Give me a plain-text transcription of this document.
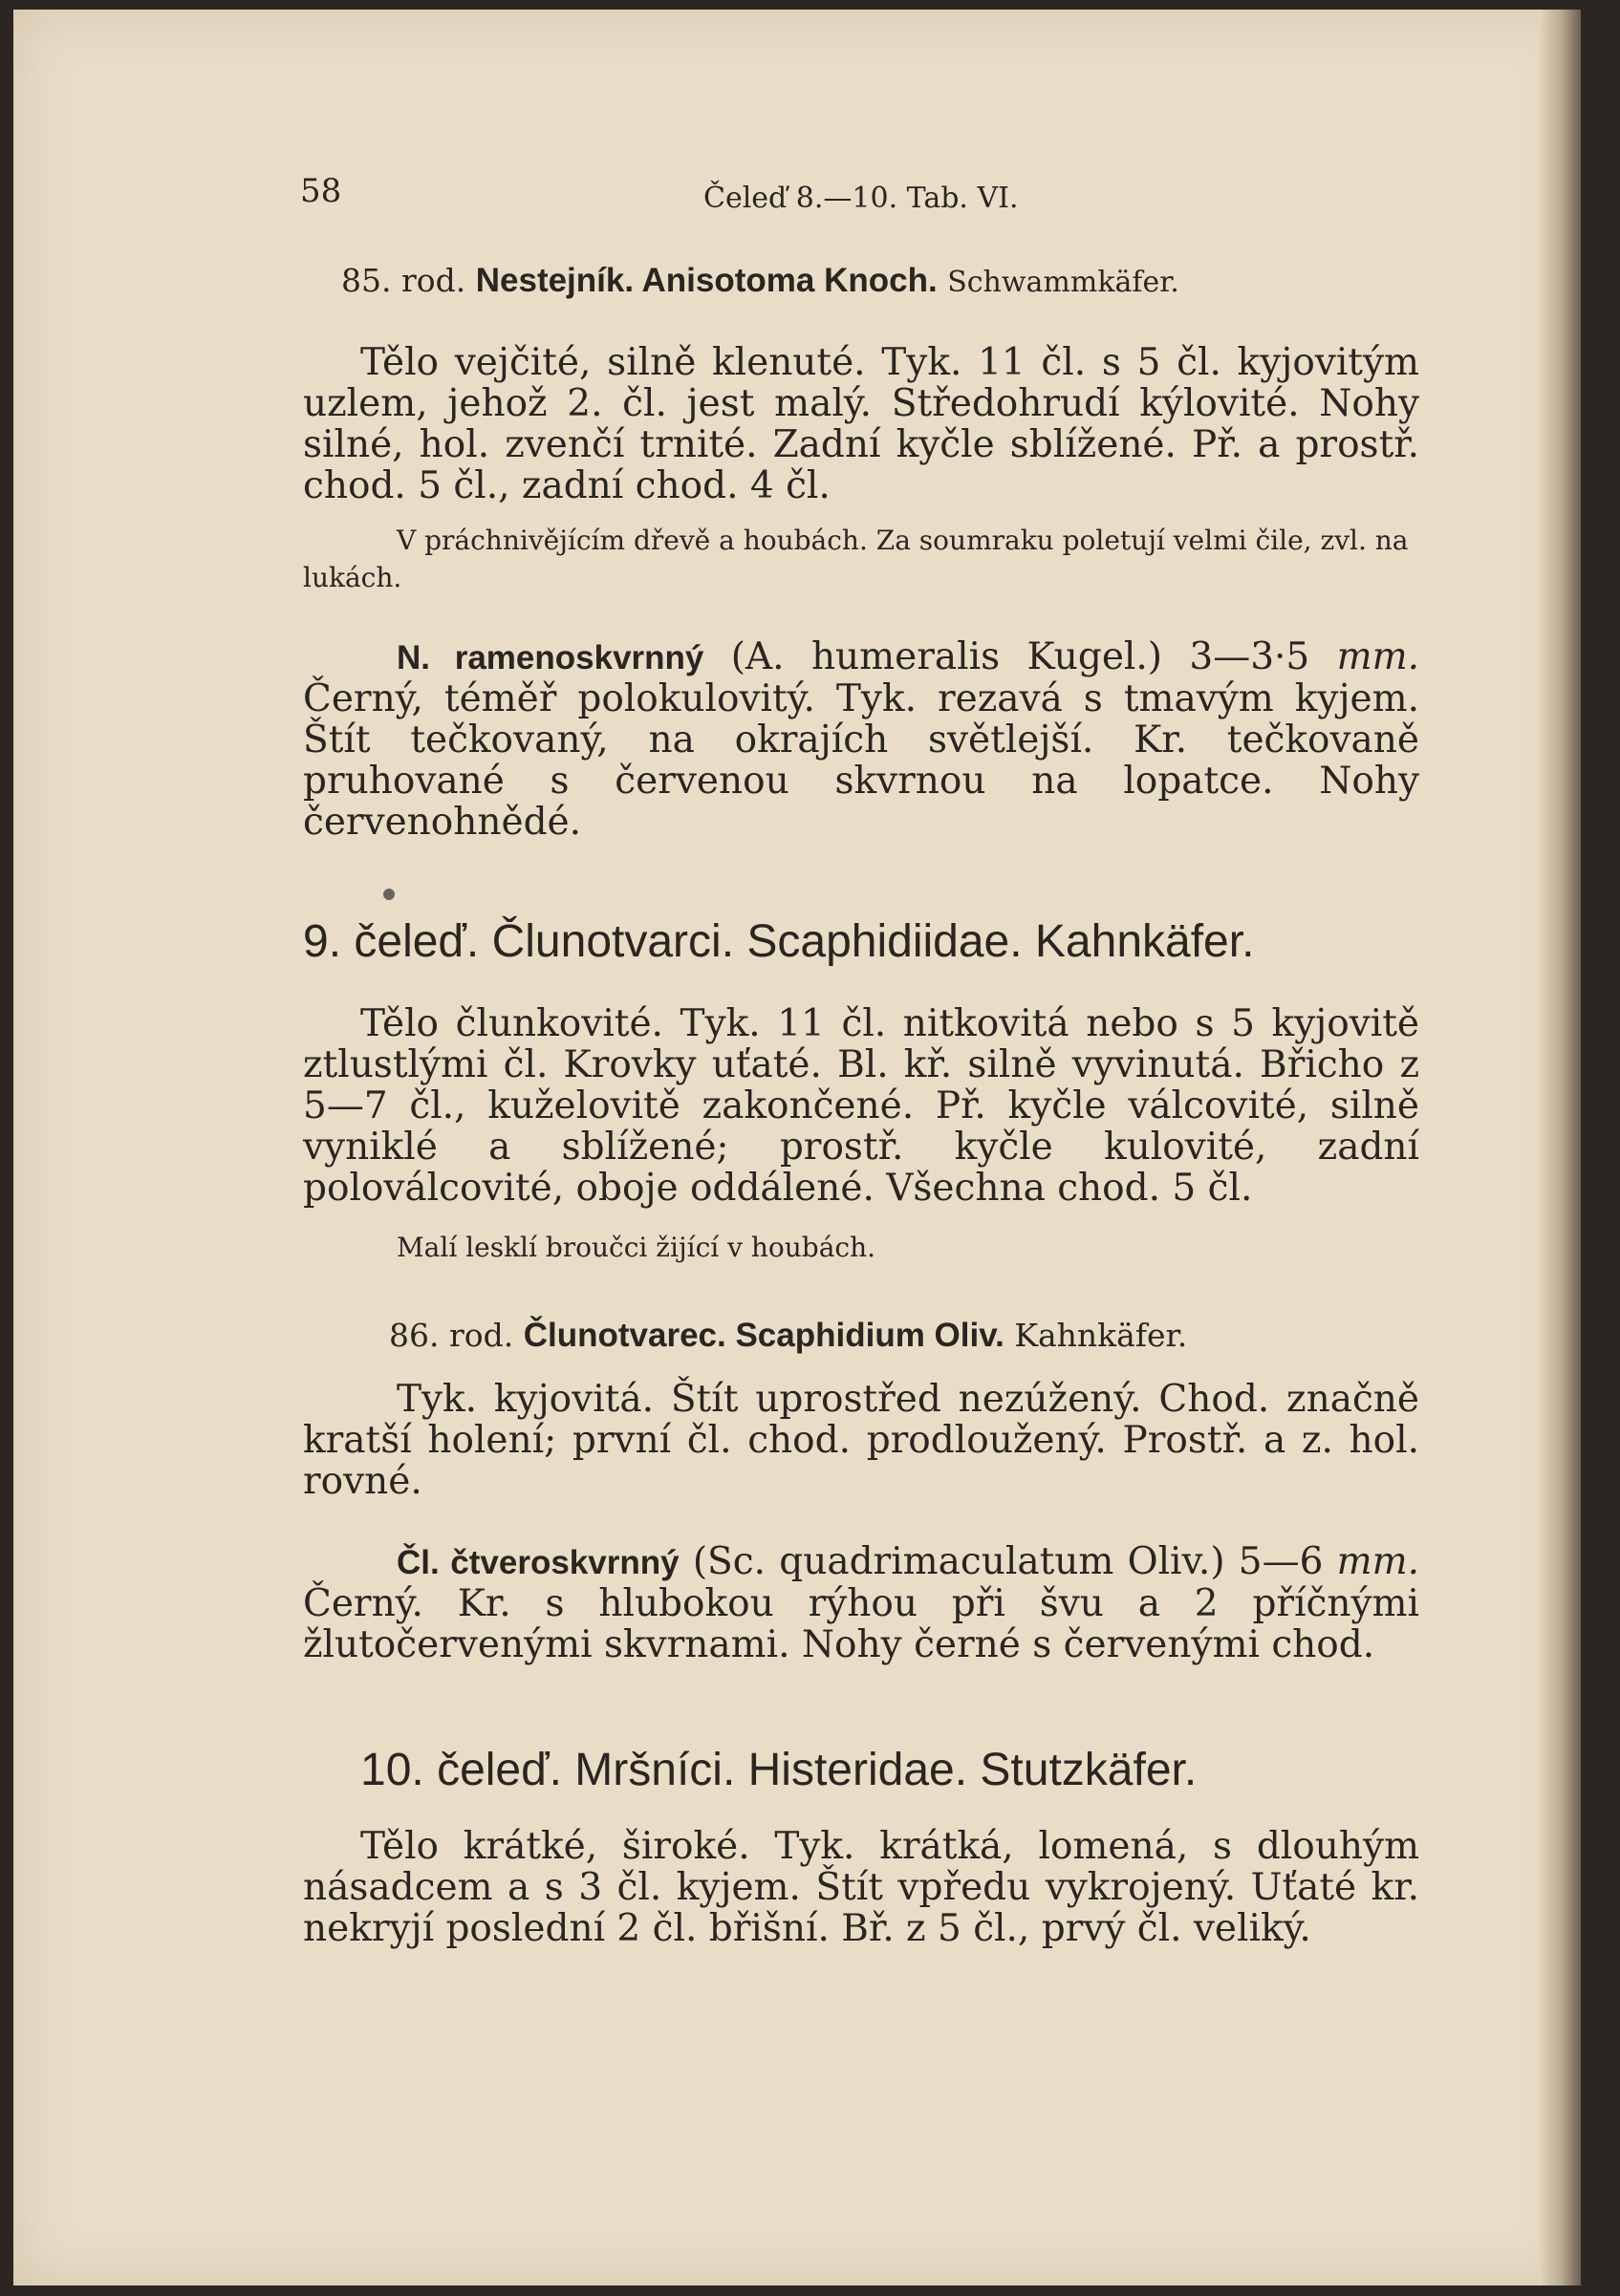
58	Čeleď 8.—10. Tab. VI.
85. rod. Nestejník. Anisotoma Knoch. Schwammkäfer.
Tělo vejčité, silně klenuté. Tyk. 11 čl. s 5 čl. kyjovitým uzlem, jehož 2. čl. jest malý. Středohrudí kýlovité. Nohy silné, hol. zvenčí trnité. Zadní kyčle sblížené. Př. a prostř. chod. 5 čl., zadní chod. 4 čl.
V práchnivějícím dřevě a houbách. Za soumraku poletují velmi čile, zvl. na lukách.
N. ramenoskvrnný (A. humeralis Kugel.) 3—3·5 mm. Černý, téměř polokulovitý. Tyk. rezavá s tmavým kyjem. Štít tečkovaný, na okrajích světlejší. Kr. tečkovaně pruhované s červenou skvrnou na lopatce. Nohy červenohnědé.
9. čeleď. Člunotvarci. Scaphidiidae. Kahnkäfer.
Tělo člunkovité. Tyk. 11 čl. nitkovitá nebo s 5 kyjovitě ztlustlými čl. Krovky uťaté. Bl. kř. silně vyvinutá. Břicho z 5—7 čl., kuželovitě zakončené. Př. kyčle válcovité, silně vyniklé a sblížené; prostř. kyčle kulovité, zadní poloválcovité, oboje oddálené. Všechna chod. 5 čl.
Malí lesklí broučci žijící v houbách.
86. rod. Člunotvarec. Scaphidium Oliv. Kahnkäfer.
Tyk. kyjovitá. Štít uprostřed nezúžený. Chod. značně kratší holení; první čl. chod. prodloužený. Prostř. a z. hol. rovné.
Čl. čtveroskvrnný (Sc. quadrimaculatum Oliv.) 5—6 mm. Černý. Kr. s hlubokou rýhou při švu a 2 příčnými žlutočervenými skvrnami. Nohy černé s červenými chod.
10. čeleď. Mršníci. Histeridae. Stutzkäfer.
Tělo krátké, široké. Tyk. krátká, lomená, s dlouhým násadcem a s 3 čl. kyjem. Štít vpředu vykrojený. Uťaté kr. nekryjí poslední 2 čl. břišní. Bř. z 5 čl., prvý čl. veliký.
